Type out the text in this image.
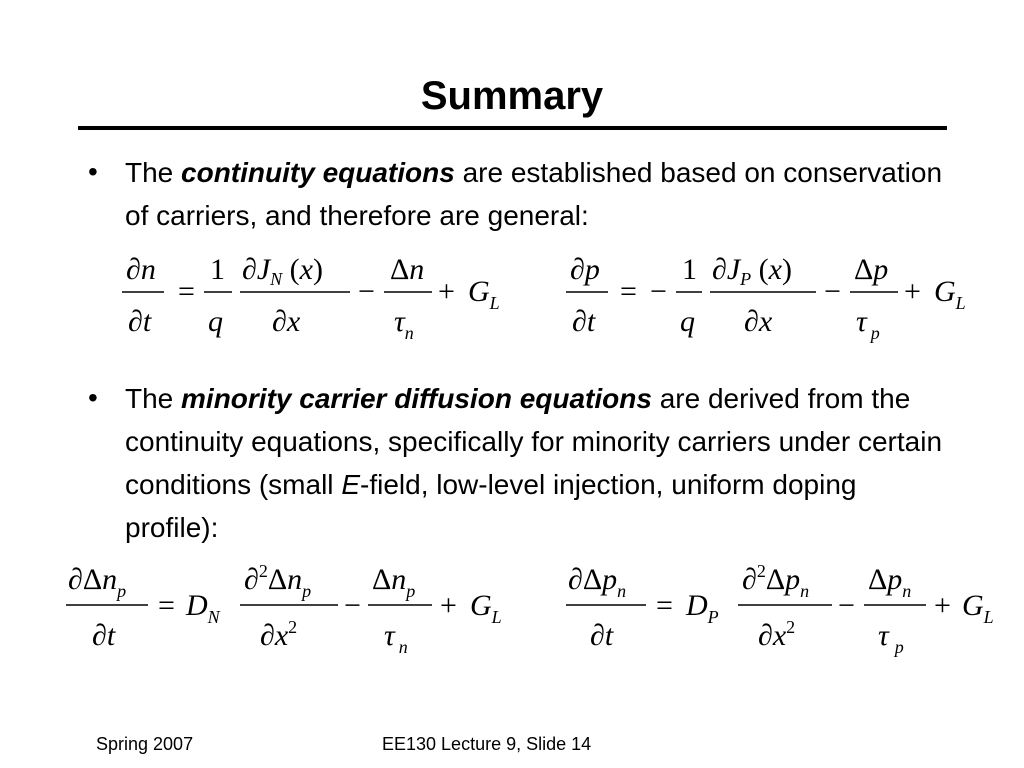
Summary
• The continuity equations are established based on conservation of carriers, and therefore are general:
∂n
∂t
=
1
q
$\partial J_N$ (x)
∂x
−
Δn
$\tau_n$
+ $G_L$
∂p
∂t
= −
1
q
$\partial J_P$ (x)
∂x
−
Δp
τ $_p$
+ $G_L$
• The minority carrier diffusion equations are derived from the continuity equations, specifically for minority carriers under certain conditions (small E-field, low-level injection, uniform doping profile):
$\partial\Delta n_p$
∂t
= $D_N$
$\partial^2\Delta n_p$
$\partial x^2$
−
$\Delta n_p$
τ $_n$
+ $G_L$
$\partial\Delta p_n$
∂t
= $D_P$
$\partial^2\Delta p_n$
$\partial x^2$
−
$\Delta p_n$
τ $_p$
+ $G_L$
Spring 2007	EE130 Lecture 9, Slide 14
